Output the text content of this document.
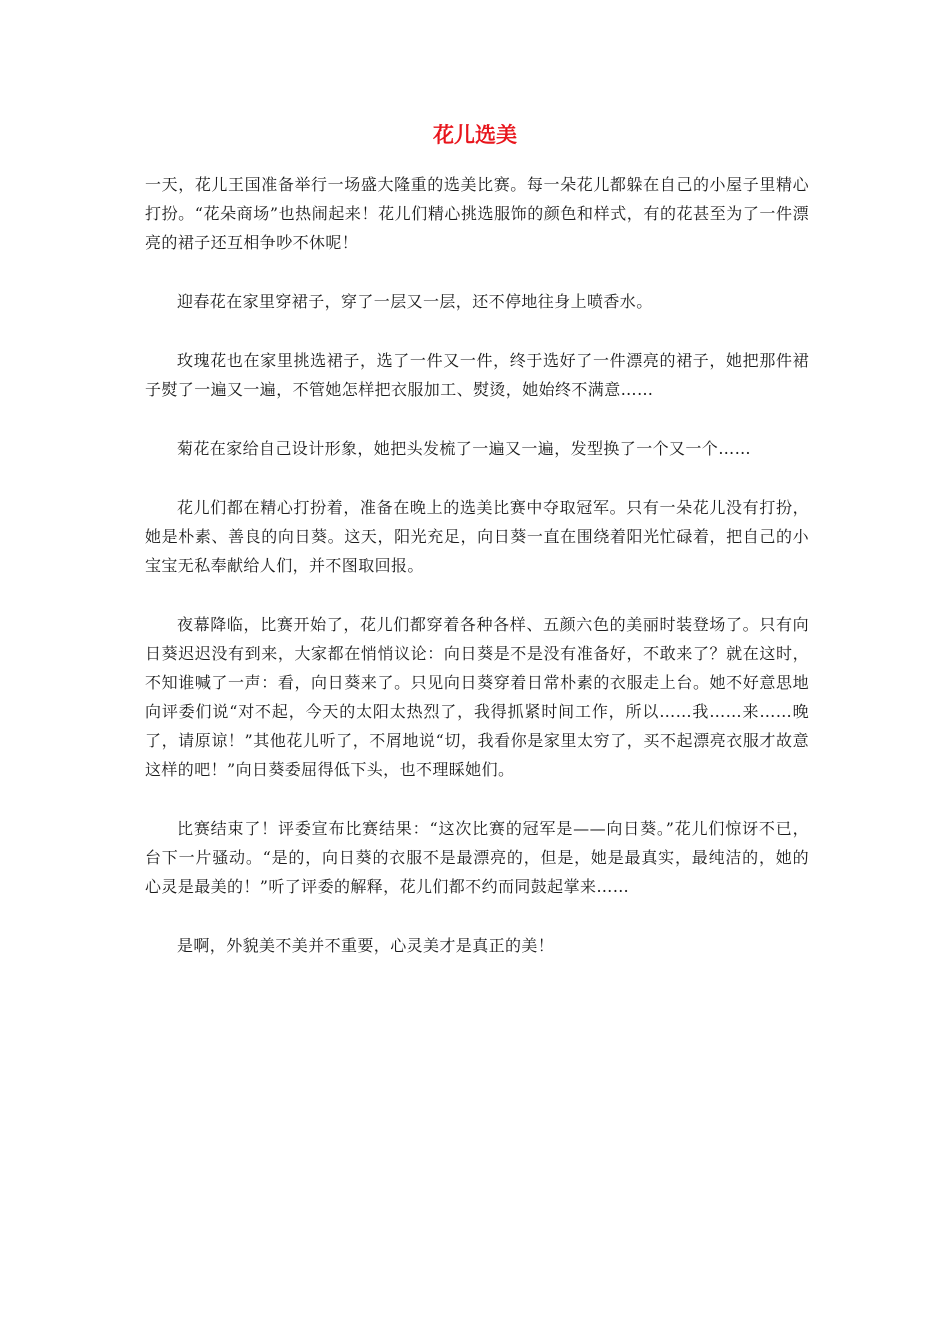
花儿选美

一天，花儿王国准备举行一场盛大隆重的选美比赛。每一朵花儿都躲在自己的小屋子里精心打扮。“花朵商场”也热闹起来！花儿们精心挑选服饰的颜色和样式，有的花甚至为了一件漂亮的裙子还互相争吵不休呢！

迎春花在家里穿裙子，穿了一层又一层，还不停地往身上喷香水。

玫瑰花也在家里挑选裙子，选了一件又一件，终于选好了一件漂亮的裙子，她把那件裙子熨了一遍又一遍，不管她怎样把衣服加工、熨烫，她始终不满意……

菊花在家给自己设计形象，她把头发梳了一遍又一遍，发型换了一个又一个……

花儿们都在精心打扮着，准备在晚上的选美比赛中夺取冠军。只有一朵花儿没有打扮，她是朴素、善良的向日葵。这天，阳光充足，向日葵一直在围绕着阳光忙碌着，把自己的小宝宝无私奉献给人们，并不图取回报。

夜幕降临，比赛开始了，花儿们都穿着各种各样、五颜六色的美丽时装登场了。只有向日葵迟迟没有到来，大家都在悄悄议论：向日葵是不是没有准备好，不敢来了？就在这时，不知谁喊了一声：看，向日葵来了。只见向日葵穿着日常朴素的衣服走上台。她不好意思地向评委们说“对不起，今天的太阳太热烈了，我得抓紧时间工作，所以……我……来……晚了，请原谅！”其他花儿听了，不屑地说“切，我看你是家里太穷了，买不起漂亮衣服才故意这样的吧！”向日葵委屈得低下头，也不理睬她们。

比赛结束了！评委宣布比赛结果：“这次比赛的冠军是——向日葵。”花儿们惊讶不已，台下一片骚动。“是的，向日葵的衣服不是最漂亮的，但是，她是最真实，最纯洁的，她的心灵是最美的！”听了评委的解释，花儿们都不约而同鼓起掌来……

是啊，外貌美不美并不重要，心灵美才是真正的美！
